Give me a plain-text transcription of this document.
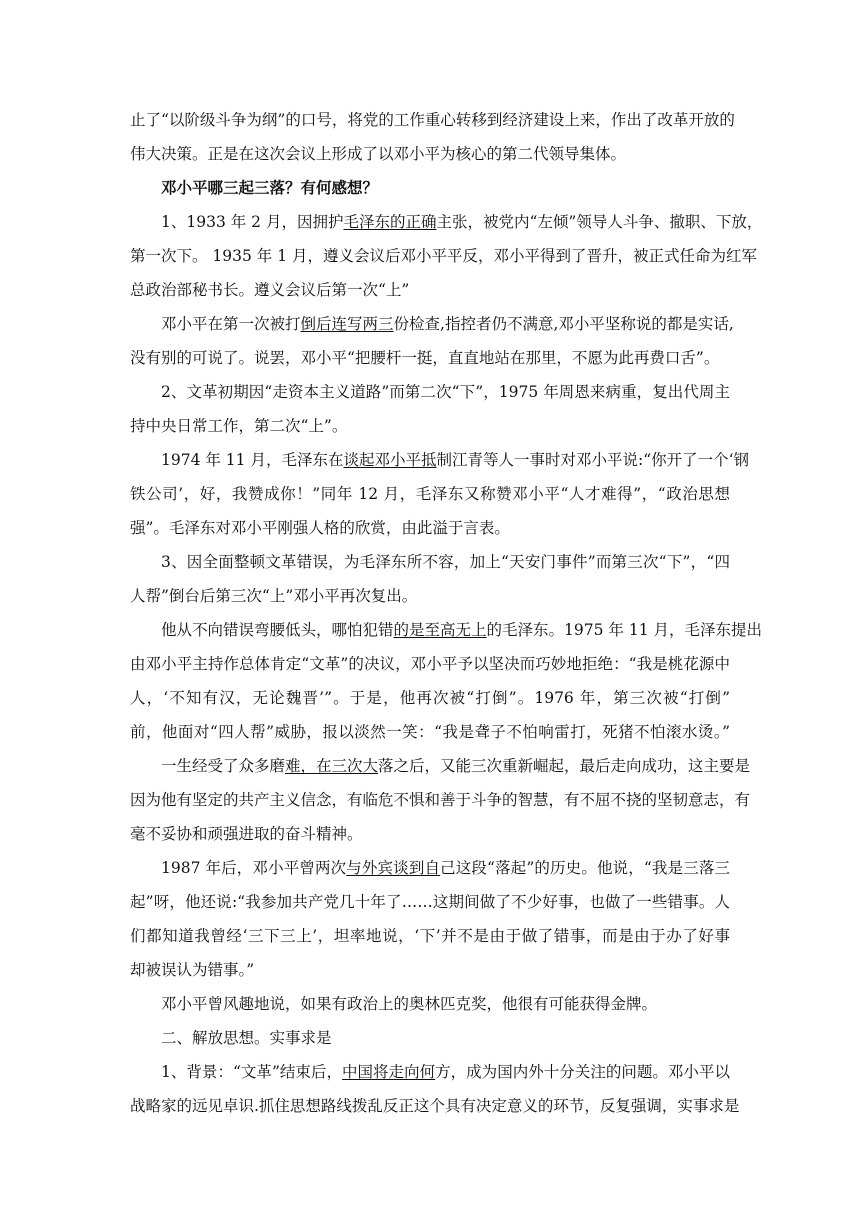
止了“以阶级斗争为纲”的口号，将党的工作重心转移到经济建设上来，作出了改革开放的
伟大决策。正是在这次会议上形成了以邓小平为核心的第二代领导集体。
邓小平哪三起三落？有何感想？
1、1933 年 2 月，因拥护毛泽东的正确主张，被党内“左倾”领导人斗争、撤职、下放，
第一次下。 1935 年 1 月，遵义会议后邓小平平反，邓小平得到了晋升，被正式任命为红军
总政治部秘书长。遵义会议后第一次“上”
邓小平在第一次被打倒后连写两三份检查,指控者仍不满意,邓小平坚称说的都是实话,
没有别的可说了。说罢，邓小平“把腰杆一挺，直直地站在那里，不愿为此再费口舌”。
2、文革初期因“走资本主义道路”而第二次“下”，1975 年周恩来病重，复出代周主
持中央日常工作，第二次“上”。
1974 年 11 月，毛泽东在谈起邓小平抵制江青等人一事时对邓小平说:“你开了一个‘钢
铁公司’，好，我赞成你！”同年 12 月，毛泽东又称赞邓小平“人才难得”，“政治思想
强”。毛泽东对邓小平刚强人格的欣赏，由此溢于言表。
3、因全面整顿文革错误，为毛泽东所不容，加上“天安门事件”而第三次“下”，“四
人帮”倒台后第三次“上”邓小平再次复出。
他从不向错误弯腰低头，哪怕犯错的是至高无上的毛泽东。1975 年 11 月，毛泽东提出
由邓小平主持作总体肯定“文革”的决议，邓小平予以坚决而巧妙地拒绝：“我是桃花源中
人，‘不知有汉，无论魏晋’”。于是，他再次被“打倒”。1976 年，第三次被“打倒”
前，他面对“四人帮”威胁，报以淡然一笑：“我是聋子不怕响雷打，死猪不怕滚水烫。”
一生经受了众多磨难，在三次大落之后，又能三次重新崛起，最后走向成功，这主要是
因为他有坚定的共产主义信念，有临危不惧和善于斗争的智慧，有不屈不挠的坚韧意志，有
毫不妥协和顽强进取的奋斗精神。
1987 年后，邓小平曾两次与外宾谈到自己这段“落起”的历史。他说，“我是三落三
起”呀，他还说:“我参加共产党几十年了……这期间做了不少好事，也做了一些错事。人
们都知道我曾经‘三下三上’，坦率地说，‘下’并不是由于做了错事，而是由于办了好事
却被误认为错事。”
邓小平曾风趣地说，如果有政治上的奥林匹克奖，他很有可能获得金牌。
二、解放思想。实事求是
1、背景：“文革”结束后，中国将走向何方，成为国内外十分关注的问题。邓小平以
战略家的远见卓识.抓住思想路线拨乱反正这个具有决定意义的环节，反复强调，实事求是
